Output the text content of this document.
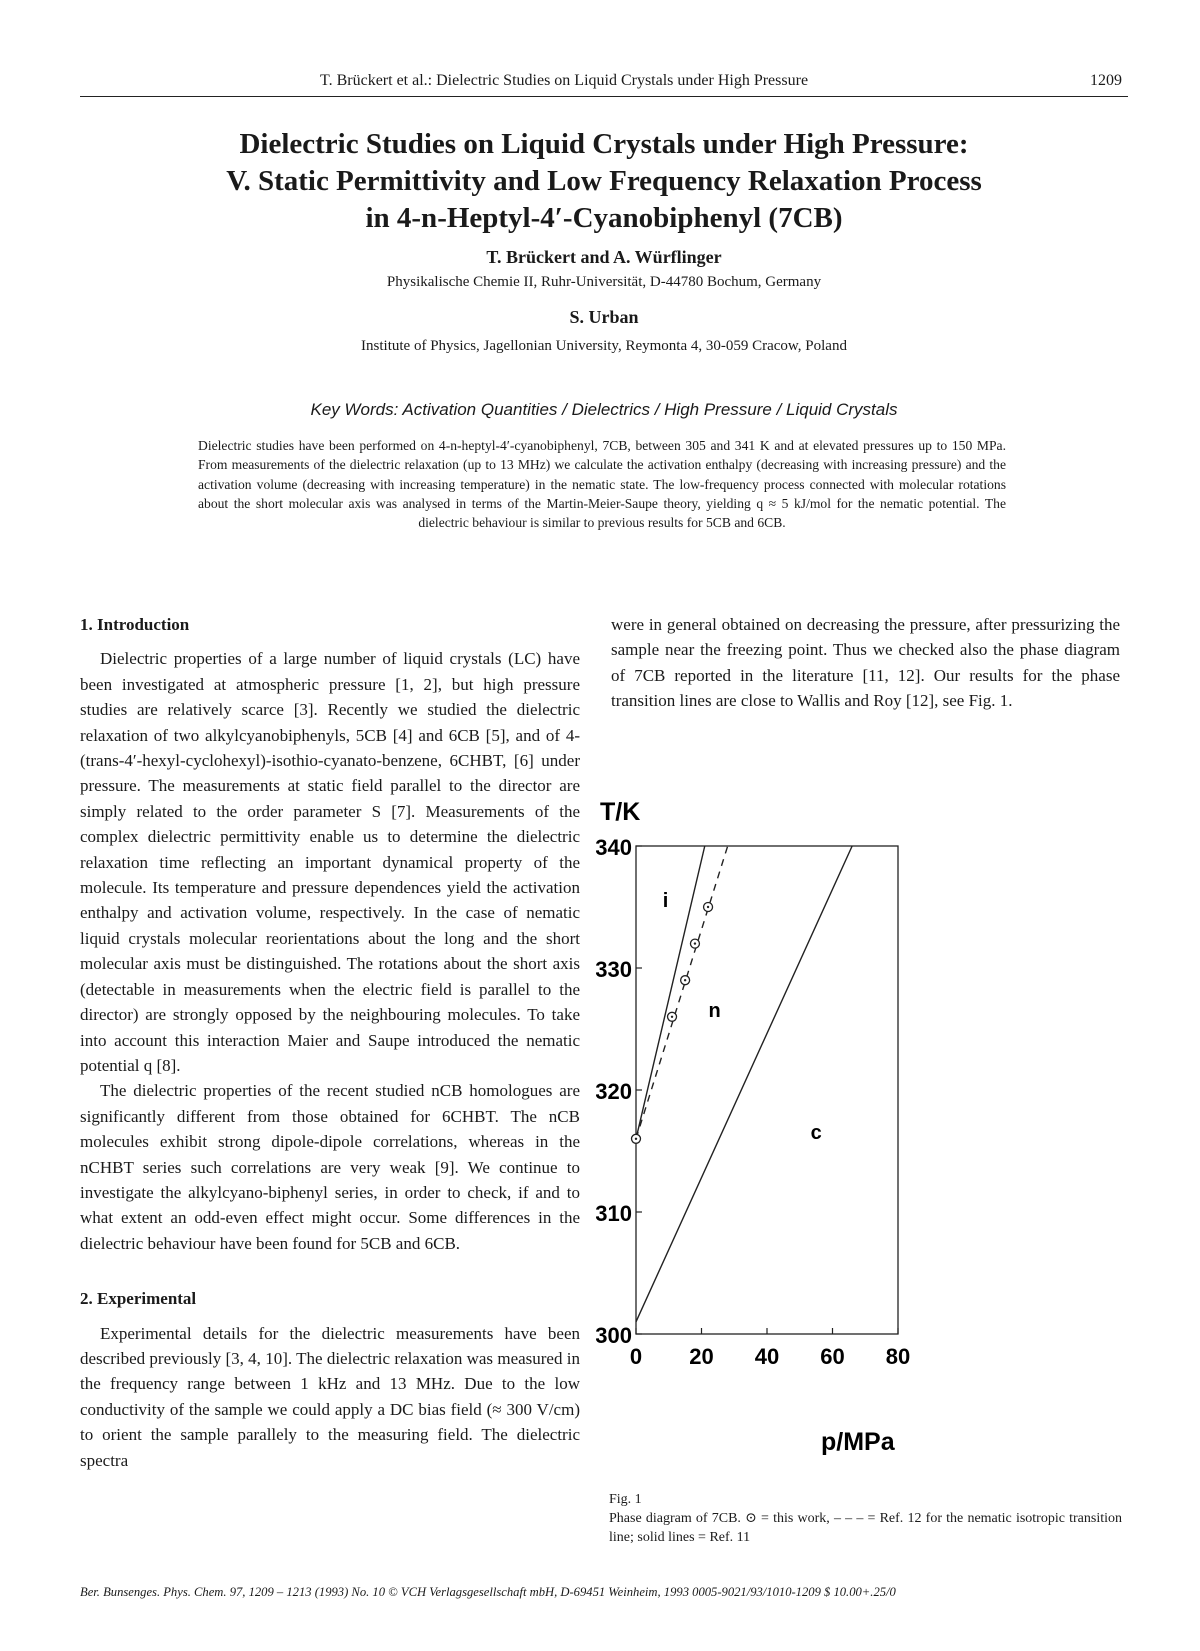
T. Brückert et al.: Dielectric Studies on Liquid Crystals under High Pressure	1209
Dielectric Studies on Liquid Crystals under High Pressure:
V. Static Permittivity and Low Frequency Relaxation Process
in 4-n-Heptyl-4′-Cyanobiphenyl (7CB)
T. Brückert and A. Würflinger
Physikalische Chemie II, Ruhr-Universität, D-44780 Bochum, Germany
S. Urban
Institute of Physics, Jagellonian University, Reymonta 4, 30-059 Cracow, Poland
Key Words: Activation Quantities / Dielectrics / High Pressure / Liquid Crystals
Dielectric studies have been performed on 4-n-heptyl-4′-cyanobiphenyl, 7CB, between 305 and 341 K and at elevated pressures up to 150 MPa. From measurements of the dielectric relaxation (up to 13 MHz) we calculate the activation enthalpy (decreasing with increasing pressure) and the activation volume (decreasing with increasing temperature) in the nematic state. The low-frequency process connected with molecular rotations about the short molecular axis was analysed in terms of the Martin-Meier-Saupe theory, yielding q ≈ 5 kJ/mol for the nematic potential. The dielectric behaviour is similar to previous results for 5CB and 6CB.
1. Introduction

Dielectric properties of a large number of liquid crystals (LC) have been investigated at atmospheric pressure [1, 2], but high pressure studies are relatively scarce [3]. Recently we studied the dielectric relaxation of two alkylcyanobiphenyls, 5CB [4] and 6CB [5], and of 4-(trans-4′-hexyl-cyclohexyl)-isothio-cyanato-benzene, 6CHBT, [6] under pressure. The measurements at static field parallel to the director are simply related to the order parameter S [7]. Measurements of the complex dielectric permittivity enable us to determine the dielectric relaxation time reflecting an important dynamical property of the molecule. Its temperature and pressure dependences yield the activation enthalpy and activation volume, respectively. In the case of nematic liquid crystals molecular reorientations about the long and the short molecular axis must be distinguished. The rotations about the short axis (detectable in measurements when the electric field is parallel to the director) are strongly opposed by the neighbouring molecules. To take into account this interaction Maier and Saupe introduced the nematic potential q [8].

The dielectric properties of the recent studied nCB homologues are significantly different from those obtained for 6CHBT. The nCB molecules exhibit strong dipole-dipole correlations, whereas in the nCHBT series such correlations are very weak [9]. We continue to investigate the alkylcyano-biphenyl series, in order to check, if and to what extent an odd-even effect might occur. Some differences in the dielectric behaviour have been found for 5CB and 6CB.

2. Experimental

Experimental details for the dielectric measurements have been described previously [3, 4, 10]. The dielectric relaxation was measured in the frequency range between 1 kHz and 13 MHz. Due to the low conductivity of the sample we could apply a DC bias field (≈ 300 V/cm) to orient the sample parallely to the measuring field. The dielectric spectra

were in general obtained on decreasing the pressure, after pressurizing the sample near the freezing point. Thus we checked also the phase diagram of 7CB reported in the literature [11, 12]. Our results for the phase transition lines are close to Wallis and Roy [12], see Fig. 1.

T/K
p/MPa
300
310
320
330
340
0 20 40 60 80
i
n
c
Fig. 1
Phase diagram of 7CB. ⊙ = this work, – – – = Ref. 12 for the nematic isotropic transition line; solid lines = Ref. 11
Ber. Bunsenges. Phys. Chem. 97, 1209 – 1213 (1993) No. 10 © VCH Verlagsgesellschaft mbH, D-69451 Weinheim, 1993 0005-9021/93/1010-1209 $ 10.00+.25/0
